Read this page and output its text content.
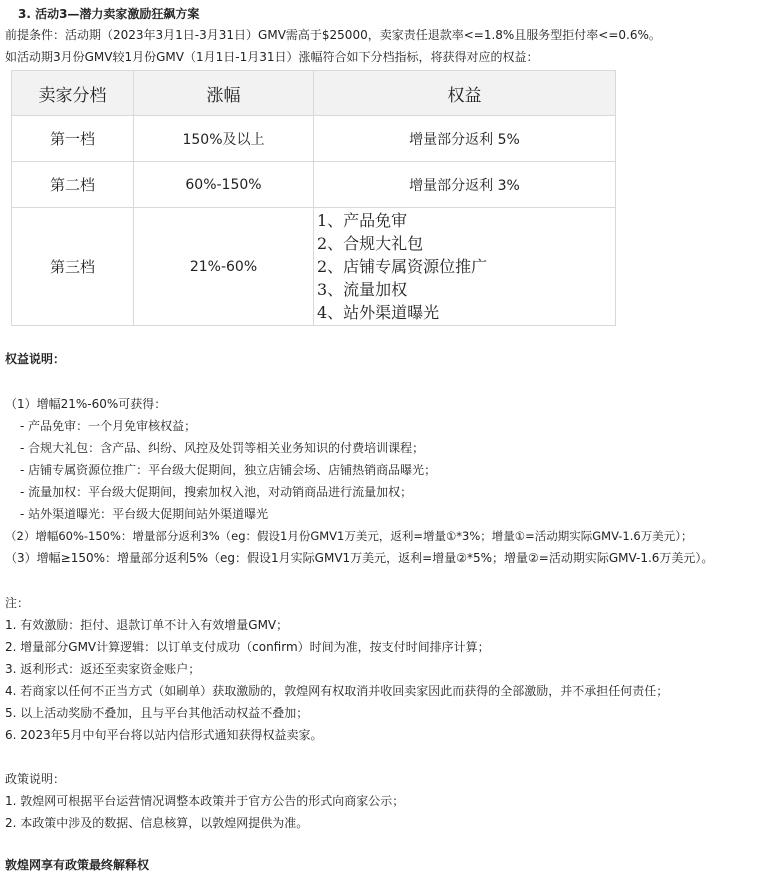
3. 活动3—潜力卖家激励狂飙方案
前提条件：活动期（2023年3月1日-3月31日）GMV需高于$25000，卖家责任退款率<=1.8%且服务型拒付率<=0.6%。
如活动期3月份GMV较1月份GMV（1月1日-1月31日）涨幅符合如下分档指标，将获得对应的权益：
卖家分档	涨幅	权益
第一档	150%及以上	增量部分返利 5%
第二档	60%-150%	增量部分返利 3%
第三档	21%-60%	1、产品免审
2、合规大礼包
2、店铺专属资源位推广
3、流量加权
4、站外渠道曝光
权益说明：
（1）增幅21%-60%可获得：
- 产品免审：一个月免审核权益；
- 合规大礼包：含产品、纠纷、风控及处罚等相关业务知识的付费培训课程；
- 店铺专属资源位推广：平台级大促期间，独立店铺会场、店铺热销商品曝光；
- 流量加权：平台级大促期间，搜索加权入池，对动销商品进行流量加权；
- 站外渠道曝光：平台级大促期间站外渠道曝光
（2）增幅60%-150%：增量部分返利3%（eg：假设1月份GMV1万美元，返利=增量①*3%；增量①=活动期实际GMV-1.6万美元）；
（3）增幅≥150%：增量部分返利5%（eg：假设1月实际GMV1万美元，返利=增量②*5%；增量②=活动期实际GMV-1.6万美元）。
注：
1. 有效激励：拒付、退款订单不计入有效增量GMV；
2. 增量部分GMV计算逻辑：以订单支付成功（confirm）时间为准，按支付时间排序计算；
3. 返利形式：返还至卖家资金账户；
4. 若商家以任何不正当方式（如刷单）获取激励的，敦煌网有权取消并收回卖家因此而获得的全部激励，并不承担任何责任；
5. 以上活动奖励不叠加，且与平台其他活动权益不叠加；
6. 2023年5月中旬平台将以站内信形式通知获得权益卖家。
政策说明：
1. 敦煌网可根据平台运营情况调整本政策并于官方公告的形式向商家公示；
2. 本政策中涉及的数据、信息核算，以敦煌网提供为准。
敦煌网享有政策最终解释权
